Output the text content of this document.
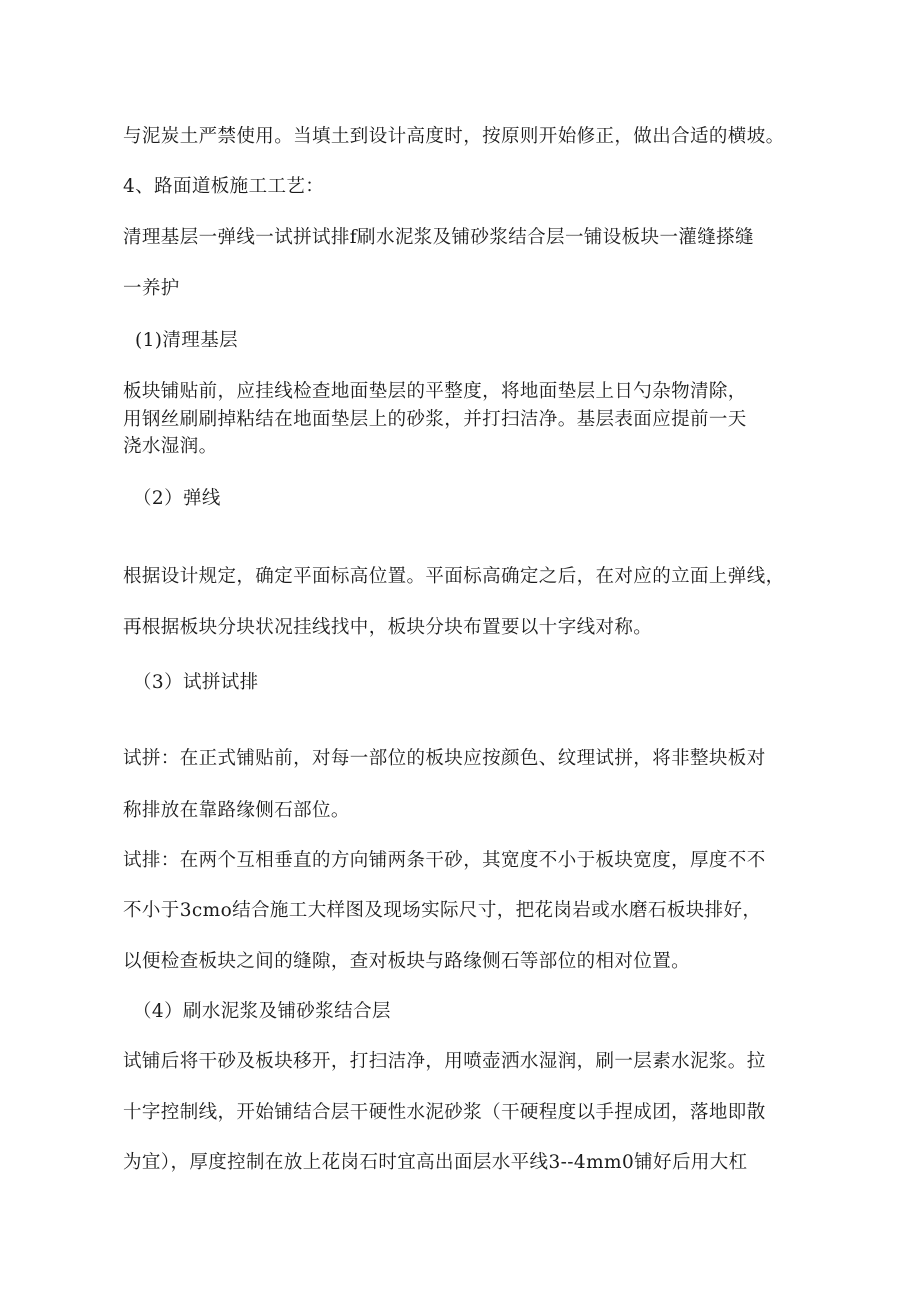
与泥炭土严禁使用。当填土到设计高度时，按原则开始修正，做出合适的横坡。
4、路面道板施工工艺：
清理基层一弹线一试拼试排f刷水泥浆及铺砂浆结合层一铺设板块一灌缝搽缝
一养护
(1)清理基层
板块铺贴前，应挂线检查地面垫层的平整度，将地面垫层上日勺杂物清除，
用钢丝刷刷掉粘结在地面垫层上的砂浆，并打扫洁净。基层表面应提前一天
浇水湿润。
（2）弹线
根据设计规定，确定平面标高位置。平面标高确定之后，在对应的立面上弹线，
再根据板块分块状况挂线找中，板块分块布置要以十字线对称。
（3）试拼试排
试拼：在正式铺贴前，对每一部位的板块应按颜色、纹理试拼，将非整块板对
称排放在靠路缘侧石部位。
试排：在两个互相垂直的方向铺两条干砂，其宽度不小于板块宽度，厚度不不
不小于3cmo结合施工大样图及现场实际尺寸，把花岗岩或水磨石板块排好，
以便检查板块之间的缝隙，查对板块与路缘侧石等部位的相对位置。
（4）刷水泥浆及铺砂浆结合层
试铺后将干砂及板块移开，打扫洁净，用喷壶洒水湿润，刷一层素水泥浆。拉
十字控制线，开始铺结合层干硬性水泥砂浆（干硬程度以手捏成团，落地即散
为宜），厚度控制在放上花岗石时宜高出面层水平线3--4mm0铺好后用大杠
